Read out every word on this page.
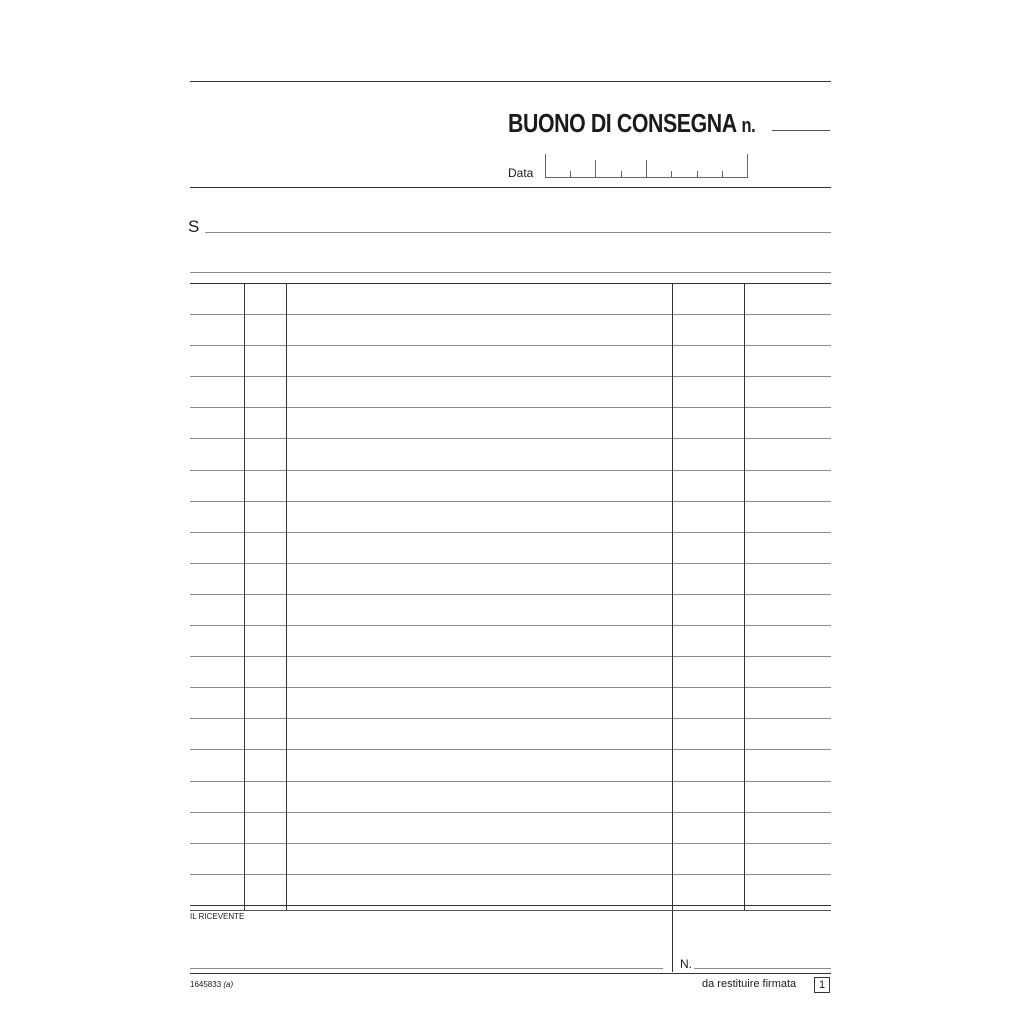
BUONO DI CONSEGNA n.
Data
S
IL RICEVENTE
N.
1645833 (a)	da restituire firmata	1
